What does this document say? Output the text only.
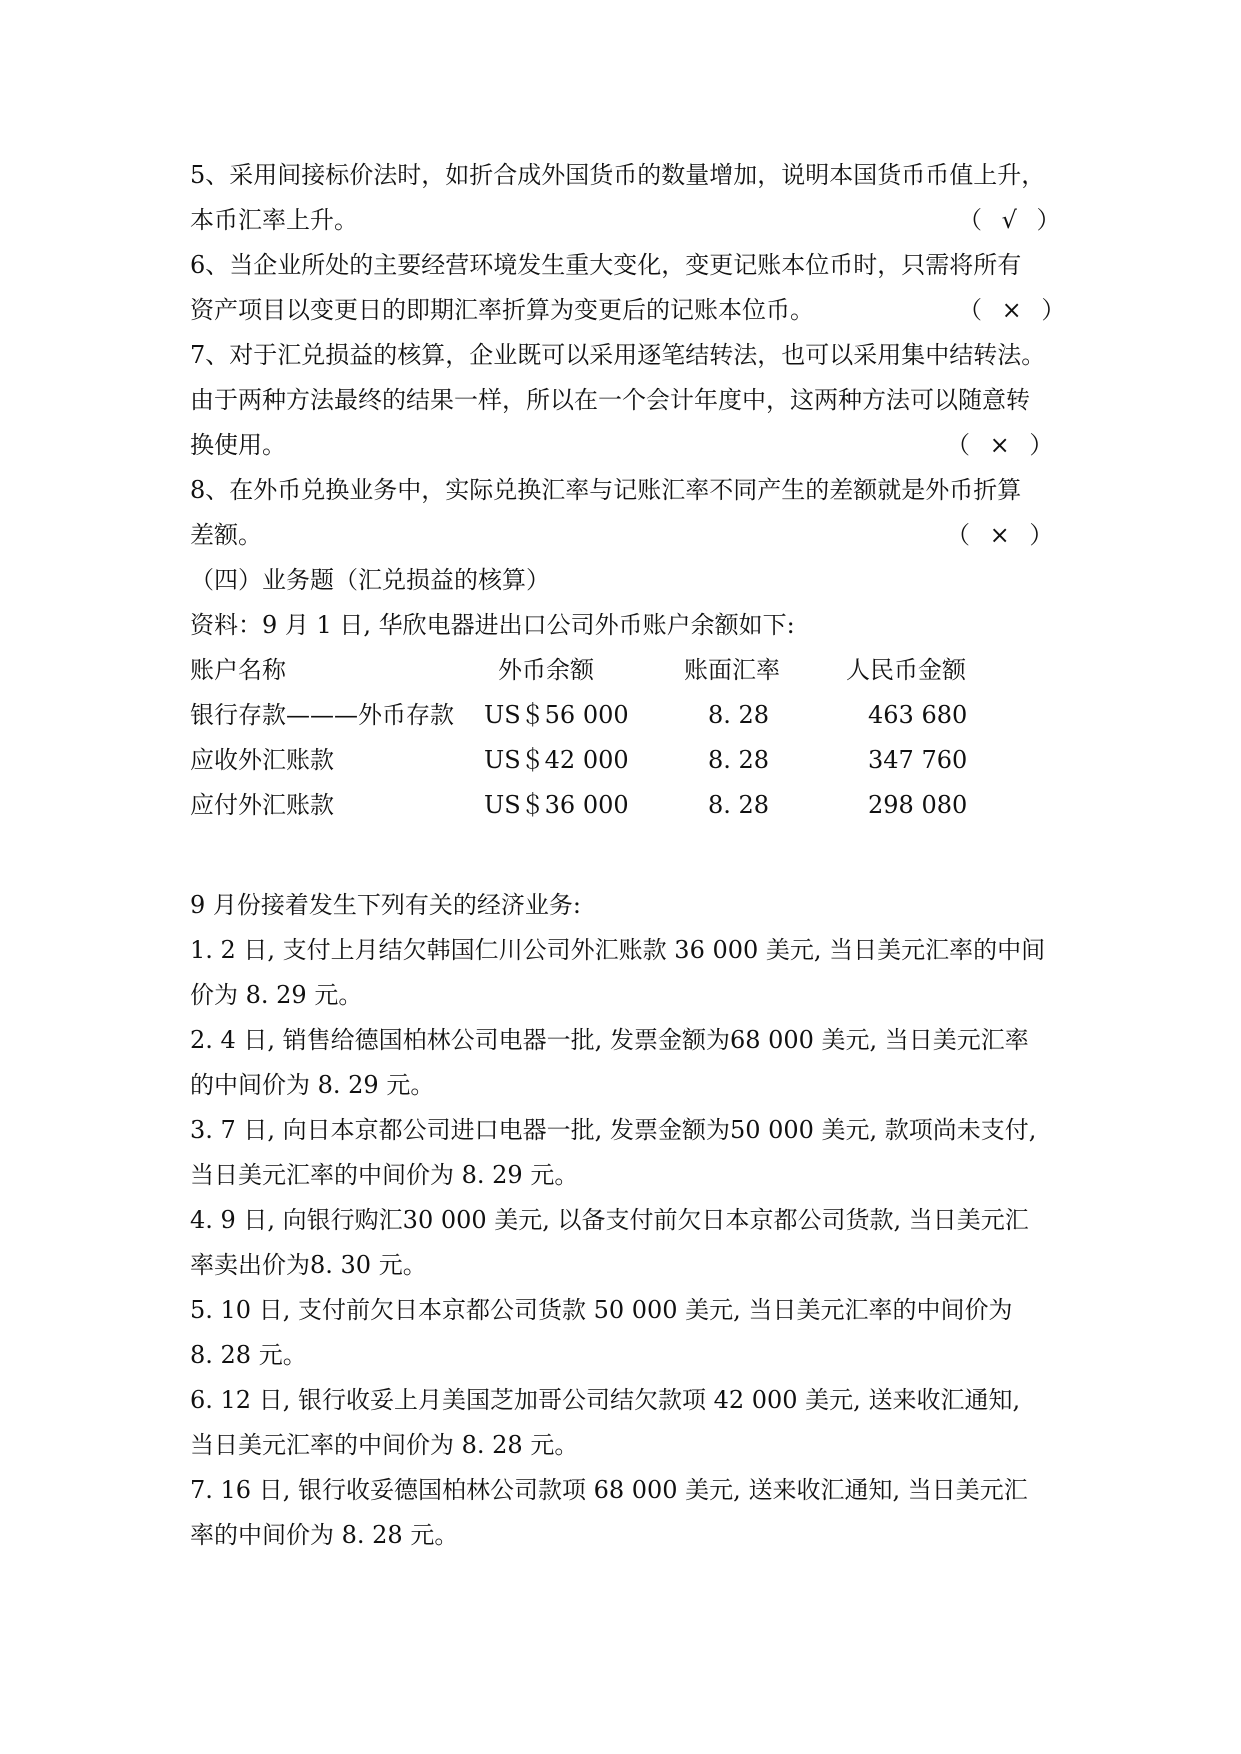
5、采用间接标价法时，如折合成外国货币的数量增加，说明本国货币币值上升，
本币汇率上升。	（ √ ）
6、当企业所处的主要经营环境发生重大变化，变更记账本位币时，只需将所有
资产项目以变更日的即期汇率折算为变更后的记账本位币。	（ × ）
7、对于汇兑损益的核算，企业既可以采用逐笔结转法，也可以采用集中结转法。
由于两种方法最终的结果一样，所以在一个会计年度中，这两种方法可以随意转
换使用。	（ × ）
8、在外币兑换业务中，实际兑换汇率与记账汇率不同产生的差额就是外币折算
差额。	（ × ）
（四）业务题（汇兑损益的核算）
资料：9 月 1 日, 华欣电器进出口公司外币账户余额如下:
账户名称	外币余额	账面汇率	人民币金额
银行存款———外币存款 US＄56 000	8. 28	463 680
应收外汇账款	US＄42 000	8. 28	347 760
应付外汇账款	US＄36 000	8. 28	298 080
9 月份接着发生下列有关的经济业务:
1. 2 日, 支付上月结欠韩国仁川公司外汇账款 36 000 美元, 当日美元汇率的中间
价为 8. 29 元。
2. 4 日, 销售给德国柏林公司电器一批, 发票金额为68 000 美元, 当日美元汇率
的中间价为 8. 29 元。
3. 7 日, 向日本京都公司进口电器一批, 发票金额为50 000 美元, 款项尚未支付,
当日美元汇率的中间价为 8. 29 元。
4. 9 日, 向银行购汇30 000 美元, 以备支付前欠日本京都公司货款, 当日美元汇
率卖出价为8. 30 元。
5. 10 日, 支付前欠日本京都公司货款 50 000 美元, 当日美元汇率的中间价为
8. 28 元。
6. 12 日, 银行收妥上月美国芝加哥公司结欠款项 42 000 美元, 送来收汇通知,
当日美元汇率的中间价为 8. 28 元。
7. 16 日, 银行收妥德国柏林公司款项 68 000 美元, 送来收汇通知, 当日美元汇
率的中间价为 8. 28 元。
